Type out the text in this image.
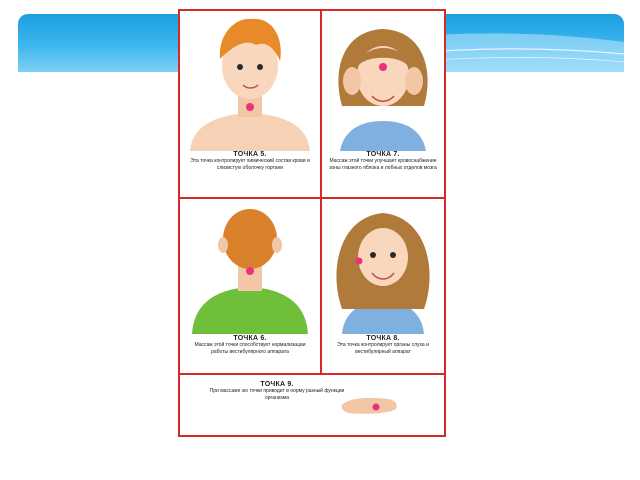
ТОЧКА 5.
Эта точка контролирует химический состав крови и слизистую оболочку гортани
ТОЧКА 7.
Массаж этой точки улучшает кровоснабжение зоны глазного яблока и лобных отделов мозга
ТОЧКА 6.
Массаж этой точки способствует нормализации работы вестибулярного аппарата
ТОЧКА 8.
Эта точка контролирует органы слуха и вестибулярный аппарат
ТОЧКА 9.
При массаже эю точки приводит в норму разный функции организма
